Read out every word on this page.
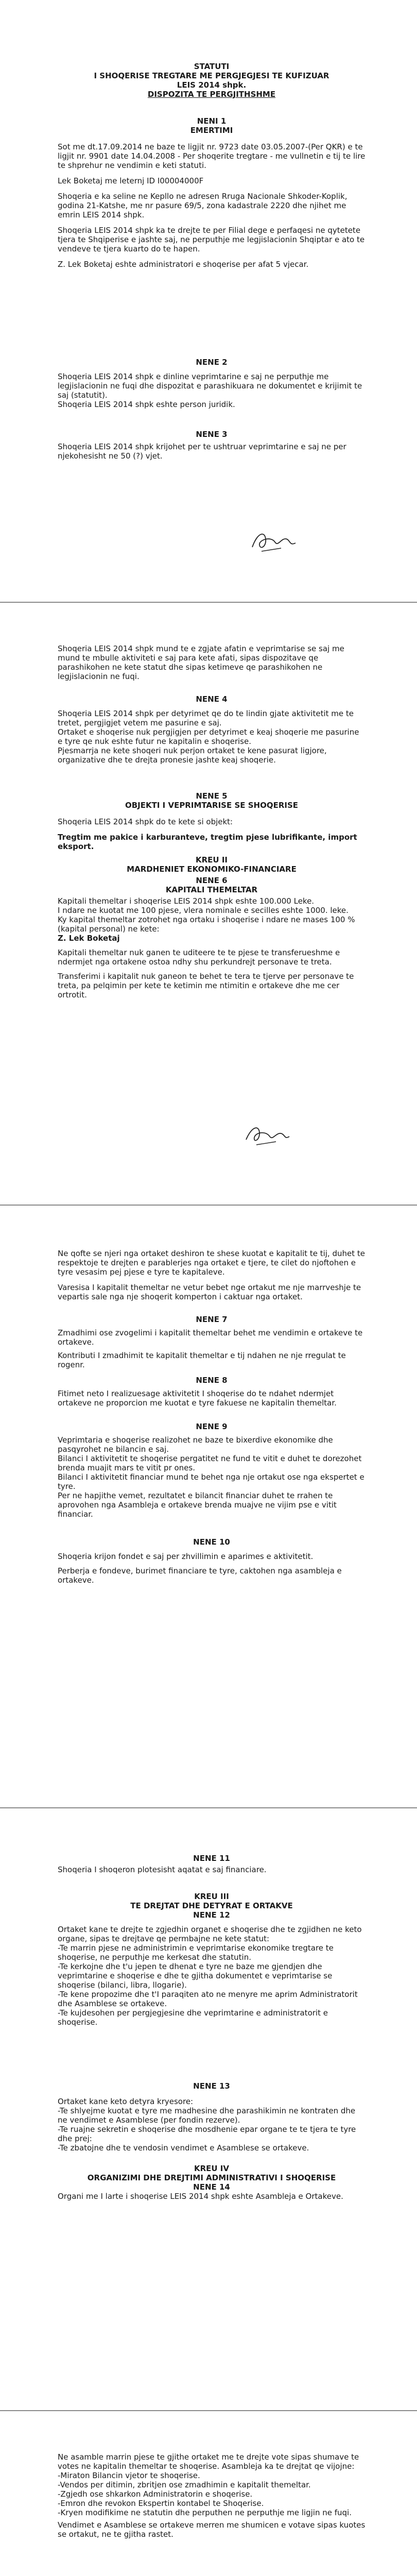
STATUTI

I SHOQERISE TREGTARE ME PERGJEGJESI TE KUFIZUAR

LEIS 2014 shpk.

DISPOZITA TE PERGJITHSHME

NENI 1

EMERTIMI

Sot me dt.17.09.2014 ne baze te ligjit nr. 9723 date 03.05.2007-(Per QKR) e te ligjit nr. 9901 date 14.04.2008 - Per shoqerite tregtare - me vullnetin e tij te lire te shprehur ne vendimin e keti statuti.

Lek Boketaj me leternj ID I00004000F

Shoqeria e ka seline ne Kepllo ne adresen Rruga Nacionale Shkoder-Koplik, godina 21-Katshe, me nr pasure 69/5, zona kadastrale 2220 dhe njihet me emrin LEIS 2014 shpk.

Shoqeria LEIS 2014 shpk ka te drejte te per Filial dege e perfaqesi ne qytetete tjera te Shqiperise e jashte saj, ne perputhje me legjislacionin Shqiptar e ato te vendeve te tjera kuarto do te hapen.

Z. Lek Boketaj eshte administratori e shoqerise per afat 5 vjecar.

NENE 2

Shoqeria LEIS 2014 shpk e dinline veprimtarine e saj ne perputhje me legjislacionin ne fuqi dhe dispozitat e parashikuara ne dokumentet e krijimit te saj (statutit).

Shoqeria LEIS 2014 shpk eshte person juridik.

NENE 3

Shoqeria LEIS 2014 shpk krijohet per te ushtruar veprimtarine e saj ne per njekohesisht ne 50 (?) vjet.

Shoqeria LEIS 2014 shpk mund te e zgjate afatin e veprimtarise se saj me mund te mbulle aktiviteti e saj para kete afati, sipas dispozitave qe parashikohen ne kete statut dhe sipas ketimeve qe parashikohen ne legjislacionin ne fuqi.

NENE 4

Shoqeria LEIS 2014 shpk per detyrimet qe do te lindin gjate aktivitetit me te tretet, pergjigjet vetem me pasurine e saj.

Ortaket e shoqerise nuk pergjigjen per detyrimet e keaj shoqerie me pasurine e tyre qe nuk eshte futur ne kapitalin e shoqerise.

Pjesmarrja ne kete shoqeri nuk perjon ortaket te kene pasurat ligjore, organizative dhe te drejta pronesie jashte keaj shoqerie.

NENE 5

OBJEKTI I VEPRIMTARISE SE SHOQERISE

Shoqeria LEIS 2014 shpk do te kete si objekt:

Tregtim me pakice i karburanteve, tregtim pjese lubrifikante, import eksport.

KREU II

MARDHENIET EKONOMIKO-FINANCIARE

NENE 6

KAPITALI THEMELTAR

Kapitali themeltar i shoqerise LEIS 2014 shpk eshte 100.000 Leke.

I ndare ne kuotat me 100 pjese, vlera nominale e secilles eshte 1000. leke.

Ky kapital themeltar zotrohet nga ortaku i shoqerise i ndare ne mases 100 % (kapital personal) ne kete:

Z. Lek Boketaj

Kapitali themeltar nuk ganen te uditeere te te pjese te transferueshme e ndermjet nga ortakene ostoa ndhy shu perkundrejt personave te treta.

Transferimi i kapitalit nuk ganeon te behet te tera te tjerve per personave te treta, pa pelqimin per kete te ketimin me ntimitin e ortakeve dhe me cer ortrotit.

Ne qofte se njeri nga ortaket deshiron te shese kuotat e kapitalit te tij, duhet te respektoje te drejten e parablerjes nga ortaket e tjere, te cilet do njoftohen e tyre vesasim pej pjese e tyre te kapitaleve.

Varesisa I kapitalit themeltar ne vetur bebet nge ortakut me nje marrveshje te vepartis sale nga nje shoqerit komperton i caktuar nga ortaket.

NENE 7

Zmadhimi ose zvogelimi i kapitalit themeltar behet me vendimin e ortakeve te ortakeve.

Kontributi I zmadhimit te kapitalit themeltar e tij ndahen ne nje rregulat te rogenr.

NENE 8

Fitimet neto I realizuesage aktivitetit I shoqerise do te ndahet ndermjet ortakeve ne proporcion me kuotat e tyre fakuese ne kapitalin themeltar.

NENE 9

Veprimtaria e shoqerise realizohet ne baze te bixerdive ekonomike dhe pasqyrohet ne bilancin e saj.

Bilanci I aktivitetit te shoqerise pergatitet ne fund te vitit e duhet te dorezohet brenda muajit mars te vitit pr ones.

Bilanci I aktivitetit financiar mund te behet nga nje ortakut ose nga ekspertet e tyre.

Per ne hapjithe vemet, rezultatet e bilancit financiar duhet te rrahen te aprovohen nga Asambleja e ortakeve brenda muajve ne vijim pse e vitit financiar.

NENE 10

Shoqeria krijon fondet e saj per zhvillimin e aparimes e aktivitetit.

Perberja e fondeve, burimet financiare te tyre, caktohen nga asambleja e ortakeve.

NENE 11

Shoqeria I shoqeron plotesisht aqatat e saj financiare.

KREU III

TE DREJTAT DHE DETYRAT E ORTAKVE

NENE 12

Ortaket kane te drejte te zgjedhin organet e shoqerise dhe te zgjidhen ne keto organe, sipas te drejtave qe permbajne ne kete statut:

-Te marrin pjese ne administrimin e veprimtarise ekonomike tregtare te shoqerise, ne perputhje me kerkesat dhe statutin.

-Te kerkojne dhe t'u jepen te dhenat e tyre ne baze me gjendjen dhe veprimtarine e shoqerise e dhe te gjitha dokumentet e veprimtarise se shoqerise (bilanci, libra, llogarie).

-Te kene propozime dhe t'I paraqiten ato ne menyre me aprim Administratorit dhe Asamblese se ortakeve.

-Te kujdesohen per pergjegjesine dhe veprimtarine e administratorit e shoqerise.

NENE 13

Ortaket kane keto detyra kryesore:

-Te shlyejme kuotat e tyre me madhesine dhe parashikimin ne kontraten dhe ne vendimet e Asamblese (per fondin rezerve).

-Te ruajne sekretin e shoqerise dhe mosdhenie epar organe te te tjera te tyre dhe prej:

-Te zbatojne dhe te vendosin vendimet e Asamblese se ortakeve.

KREU IV

ORGANIZIMI DHE DREJTIMI ADMINISTRATIVI I SHOQERISE

NENE 14

Organi me I larte i shoqerise LEIS 2014 shpk eshte Asambleja e Ortakeve.

Ne asamble marrin pjese te gjithe ortaket me te drejte vote sipas shumave te votes ne kapitalin themeltar te shoqerise. Asambleja ka te drejtat qe vijojne:

-Miraton Bilancin vjetor te shoqerise.

-Vendos per ditimin, zbritjen ose zmadhimin e kapitalit themeltar.

-Zgjedh ose shkarkon Administratorin e shoqerise.

-Emron dhe revokon Ekspertin kontabel te Shoqerise.

-Kryen modifikime ne statutin dhe perputhen ne perputhje me ligjin ne fuqi.

Vendimet e Asamblese se ortakeve merren me shumicen e votave sipas kuotes se ortakut, ne te gjitha rastet.
